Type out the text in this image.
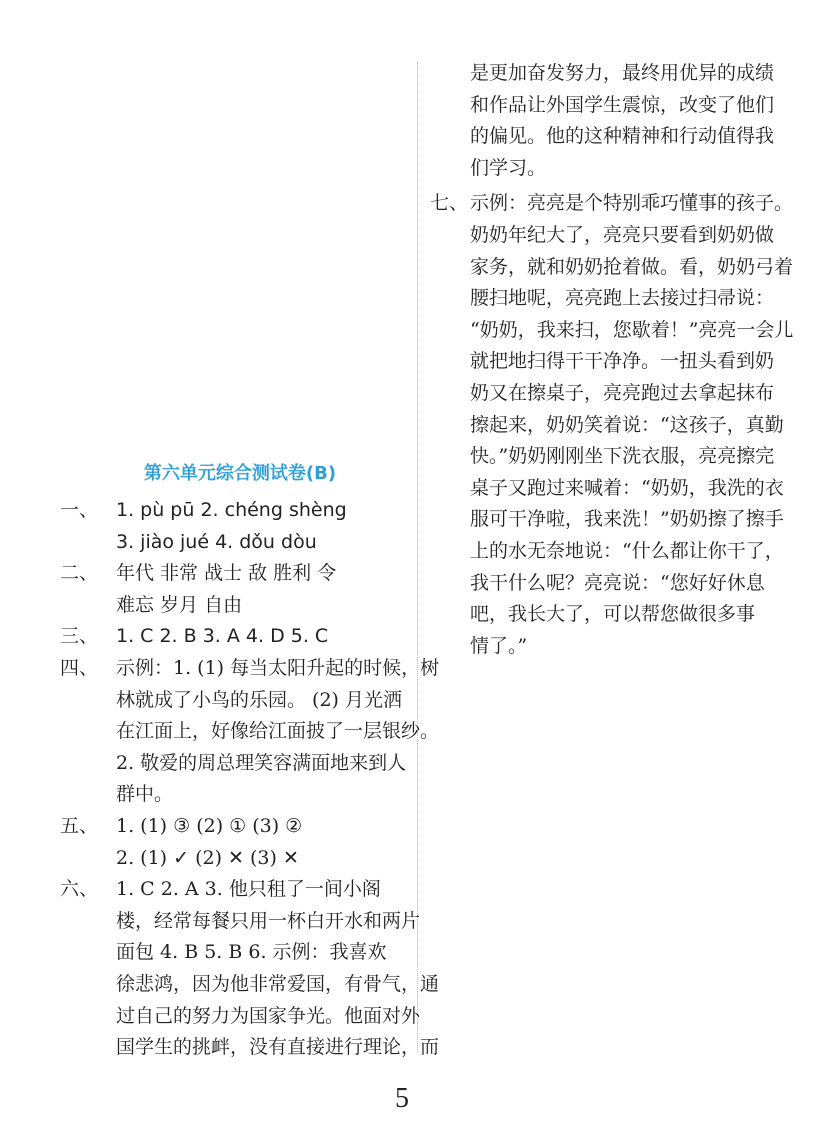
是更加奋发努力，最终用优异的成绩
和作品让外国学生震惊，改变了他们
的偏见。他的这种精神和行动值得我
们学习。
七、 示例：亮亮是个特别乖巧懂事的孩子。
奶奶年纪大了，亮亮只要看到奶奶做
家务，就和奶奶抢着做。看，奶奶弓着
腰扫地呢，亮亮跑上去接过扫帚说：
“奶奶，我来扫，您歇着！”亮亮一会儿
就把地扫得干干净净。一扭头看到奶
奶又在擦桌子，亮亮跑过去拿起抹布
擦起来，奶奶笑着说：“这孩子，真勤
快。”奶奶刚刚坐下洗衣服，亮亮擦完
桌子又跑过来喊着：“奶奶，我洗的衣
服可干净啦，我来洗！”奶奶擦了擦手
上的水无奈地说：“什么都让你干了，
我干什么呢？亮亮说：“您好好休息
吧，我长大了，可以帮您做很多事
情了。”
第六单元综合测试卷(B)
一、 1. pù pū 2. chéng shèng
3. jiào jué 4. dǒu dòu
二、 年代 非常 战士 敌 胜利 令
难忘 岁月 自由
三、 1. C 2. B 3. A 4. D 5. C
四、 示例：1. (1) 每当太阳升起的时候，树
林就成了小鸟的乐园。 (2) 月光洒
在江面上，好像给江面披了一层银纱。
2. 敬爱的周总理笑容满面地来到人
群中。
五、 1. (1) ③ (2) ① (3) ②
2. (1) ✓ (2) ✕ (3) ✕
六、 1. C 2. A 3. 他只租了一间小阁
楼，经常每餐只用一杯白开水和两片
面包 4. B 5. B 6. 示例：我喜欢
徐悲鸿，因为他非常爱国，有骨气，通
过自己的努力为国家争光。他面对外
国学生的挑衅，没有直接进行理论，而
5
